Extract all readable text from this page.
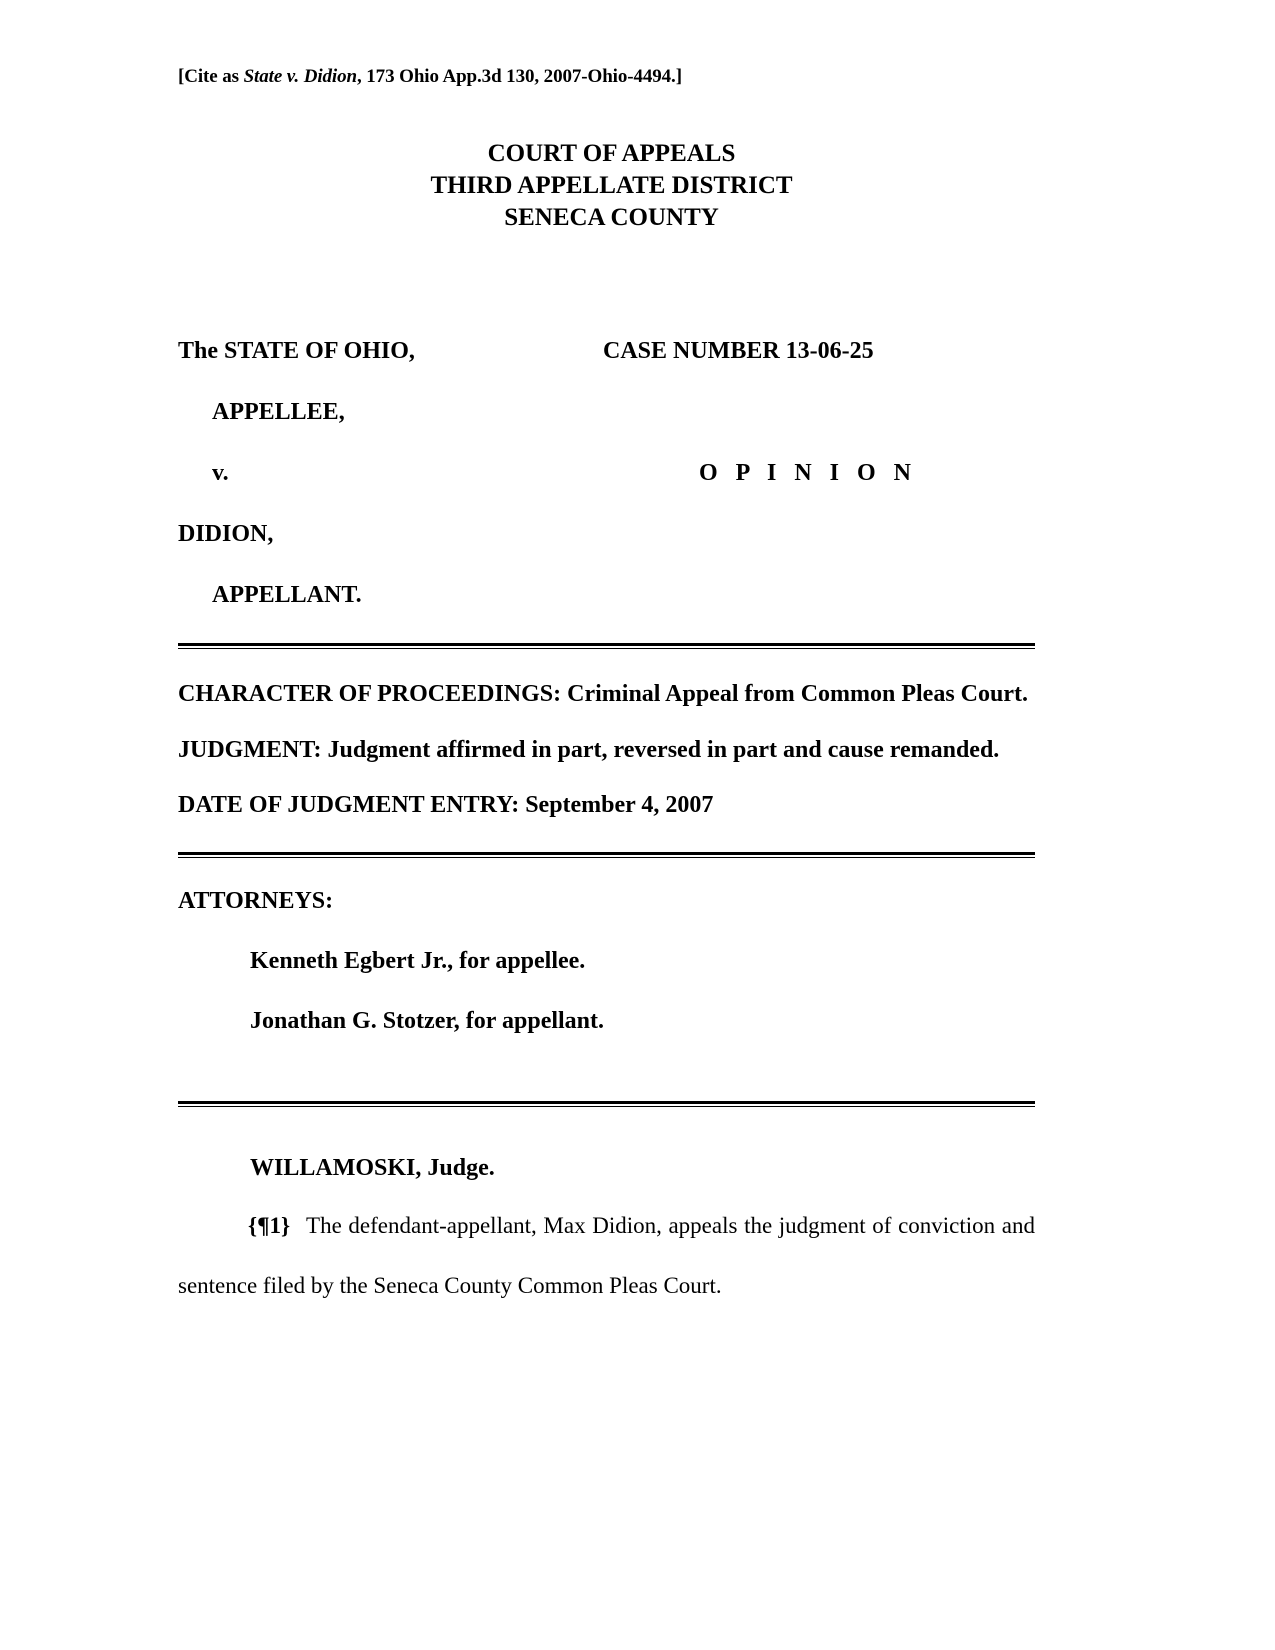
[Cite as State v. Didion, 173 Ohio App.3d 130, 2007-Ohio-4494.]
COURT OF APPEALS
THIRD APPELLATE DISTRICT
SENECA COUNTY
The STATE OF OHIO,	CASE NUMBER 13-06-25
APPELLEE,
v.	O P I N I O N
DIDION,
APPELLANT.
CHARACTER OF PROCEEDINGS: Criminal Appeal from Common Pleas Court.
JUDGMENT: Judgment affirmed in part, reversed in part and cause remanded.
DATE OF JUDGMENT ENTRY: September 4, 2007
ATTORNEYS:
Kenneth Egbert Jr., for appellee.
Jonathan G. Stotzer, for appellant.
WILLAMOSKI, Judge.
{¶1} The defendant-appellant, Max Didion, appeals the judgment of conviction and sentence filed by the Seneca County Common Pleas Court.
